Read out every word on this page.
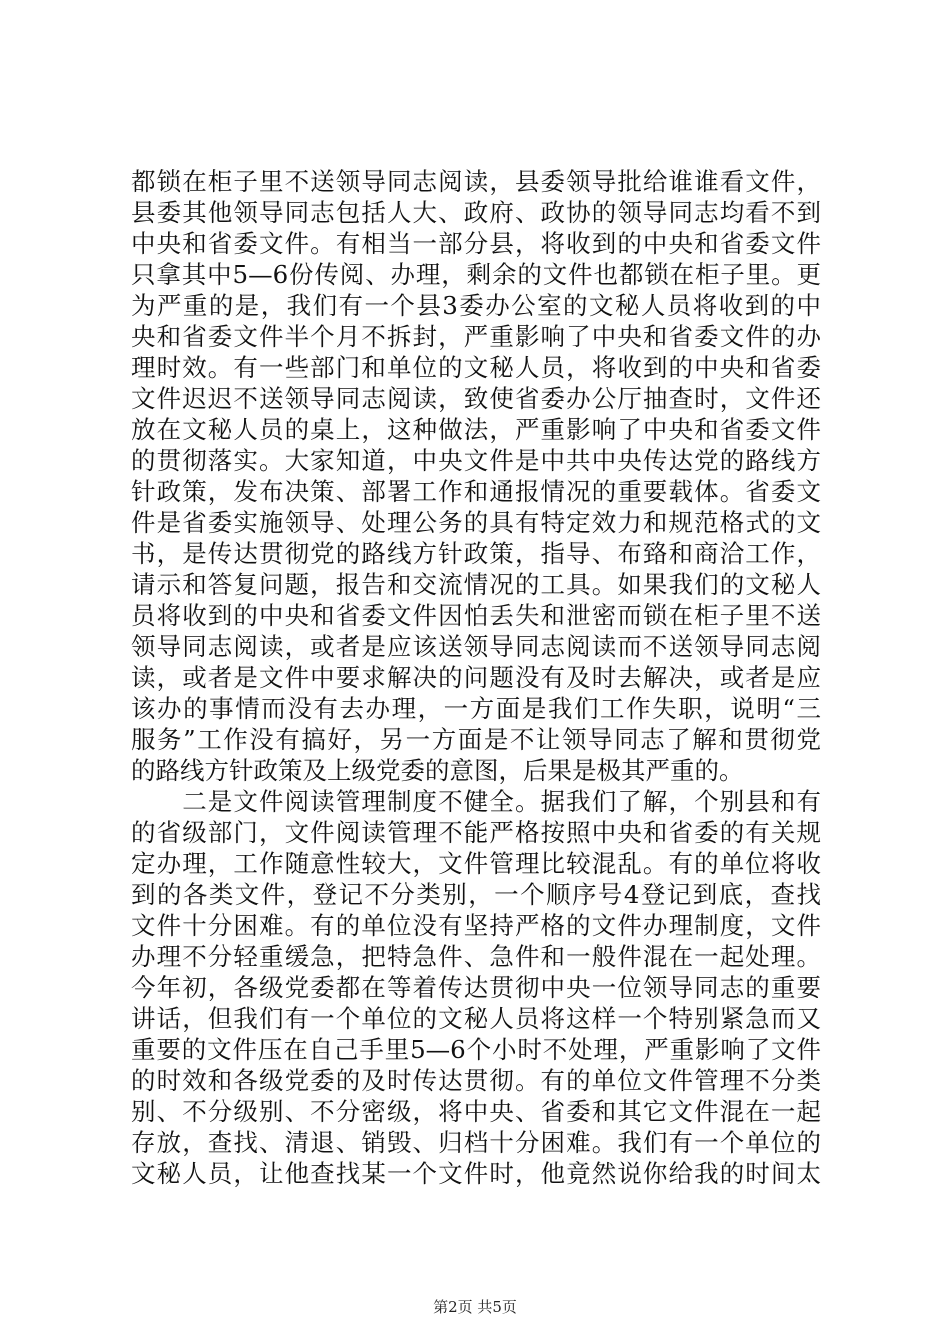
都锁在柜子里不送领导同志阅读，县委领导批给谁谁看文件，
县委其他领导同志包括人大、政府、政协的领导同志均看不到
中央和省委文件。有相当一部分县，将收到的中央和省委文件
只拿其中5—6份传阅、办理，剩余的文件也都锁在柜子里。更
为严重的是，我们有一个县3委办公室的文秘人员将收到的中
央和省委文件半个月不拆封，严重影响了中央和省委文件的办
理时效。有一些部门和单位的文秘人员，将收到的中央和省委
文件迟迟不送领导同志阅读，致使省委办公厅抽查时，文件还
放在文秘人员的桌上，这种做法，严重影响了中央和省委文件
的贯彻落实。大家知道，中央文件是中共中央传达党的路线方
针政策，发布决策、部署工作和通报情况的重要载体。省委文
件是省委实施领导、处理公务的具有特定效力和规范格式的文
书，是传达贯彻党的路线方针政策，指导、布臵和商洽工作，
请示和答复问题，报告和交流情况的工具。如果我们的文秘人
员将收到的中央和省委文件因怕丢失和泄密而锁在柜子里不送
领导同志阅读，或者是应该送领导同志阅读而不送领导同志阅
读，或者是文件中要求解决的问题没有及时去解决，或者是应
该办的事情而没有去办理，一方面是我们工作失职，说明“三
服务”工作没有搞好，另一方面是不让领导同志了解和贯彻党
的路线方针政策及上级党委的意图，后果是极其严重的。
　　二是文件阅读管理制度不健全。据我们了解，个别县和有
的省级部门，文件阅读管理不能严格按照中央和省委的有关规
定办理，工作随意性较大，文件管理比较混乱。有的单位将收
到的各类文件，登记不分类别，一个顺序号4登记到底，查找
文件十分困难。有的单位没有坚持严格的文件办理制度，文件
办理不分轻重缓急，把特急件、急件和一般件混在一起处理。
今年初，各级党委都在等着传达贯彻中央一位领导同志的重要
讲话，但我们有一个单位的文秘人员将这样一个特别紧急而又
重要的文件压在自己手里5—6个小时不处理，严重影响了文件
的时效和各级党委的及时传达贯彻。有的单位文件管理不分类
别、不分级别、不分密级，将中央、省委和其它文件混在一起
存放，查找、清退、销毁、归档十分困难。我们有一个单位的
文秘人员，让他查找某一个文件时，他竟然说你给我的时间太
第2页 共5页
